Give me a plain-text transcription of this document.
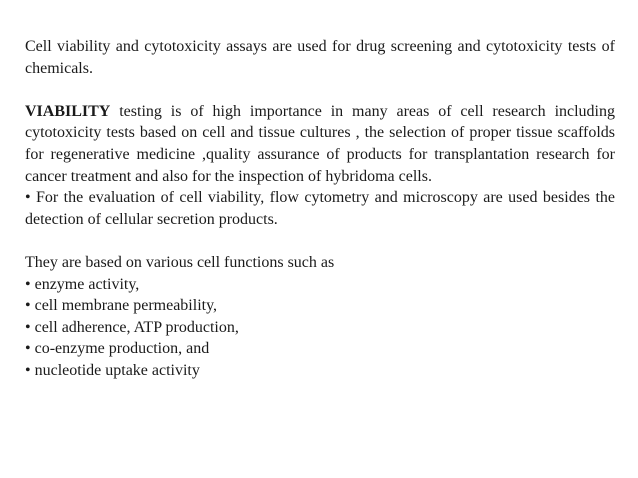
Cell viability and cytotoxicity assays are used for drug screening and cytotoxicity tests of chemicals.

VIABILITY testing is of high importance in many areas of cell research including cytotoxicity tests based on cell and tissue cultures , the selection of proper tissue scaffolds for regenerative medicine ,quality assurance of products for transplantation research for cancer treatment and also for the inspection of hybridoma cells.

• For the evaluation of cell viability, flow cytometry and microscopy are used besides the detection of cellular secretion products.

They are based on various cell functions such as

• enzyme activity,
• cell membrane permeability,
• cell adherence, ATP production,
• co-enzyme production, and
• nucleotide uptake activity
